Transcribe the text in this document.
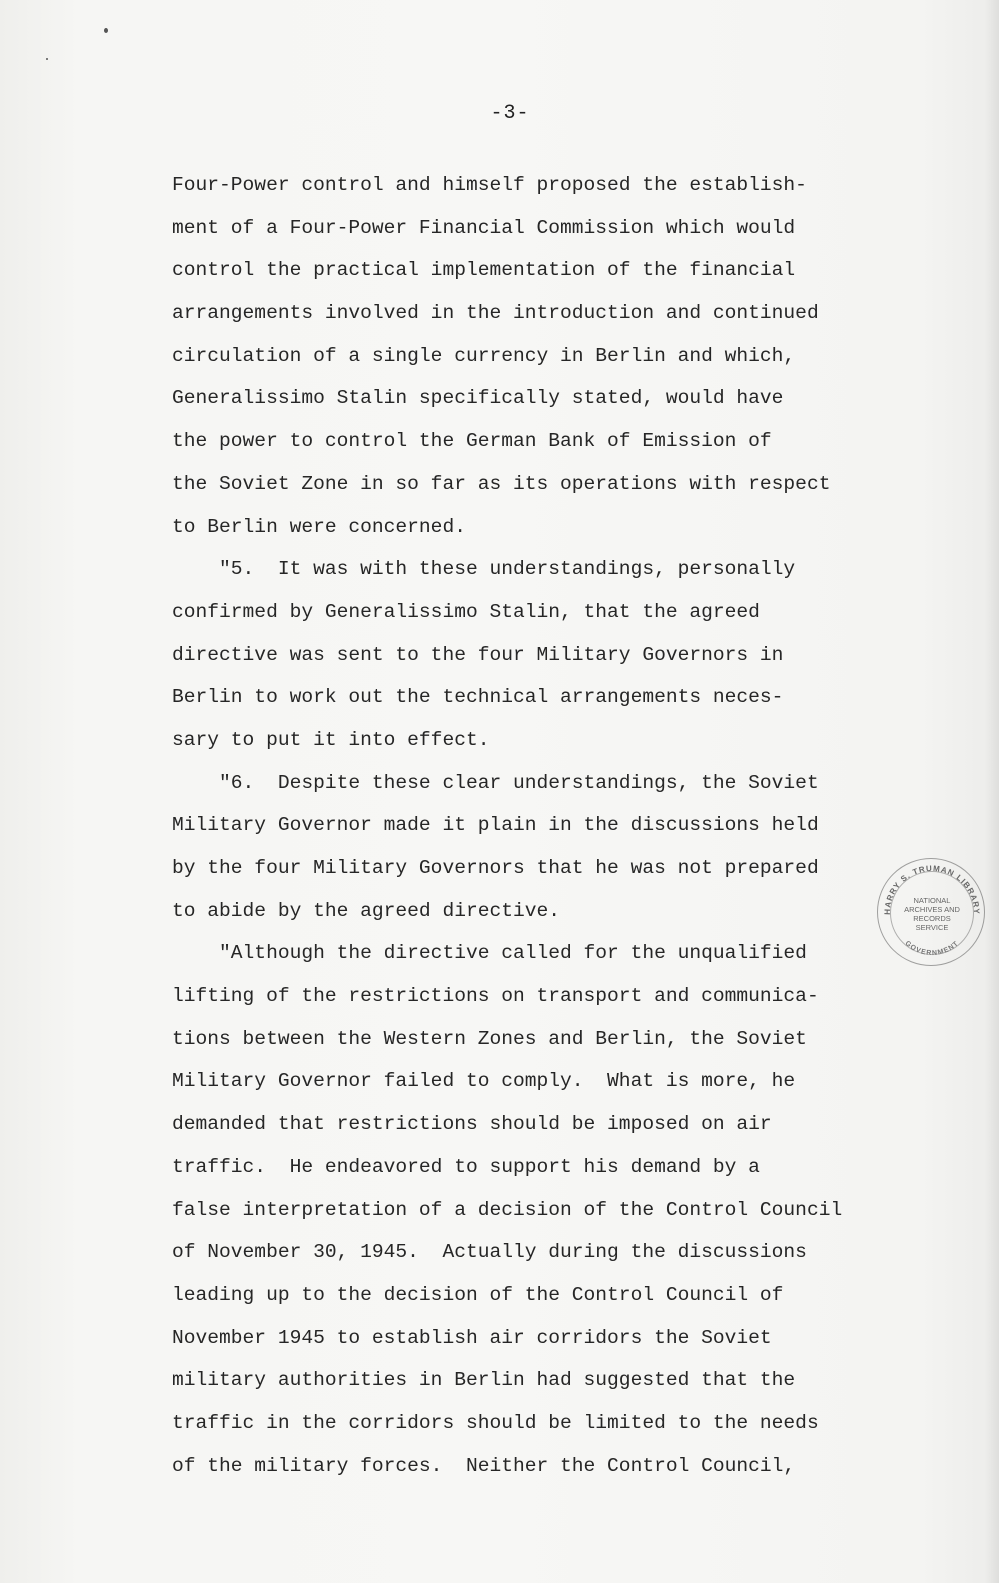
-3-
Four-Power control and himself proposed the establish-
ment of a Four-Power Financial Commission which would
control the practical implementation of the financial
arrangements involved in the introduction and continued
circulation of a single currency in Berlin and which,
Generalissimo Stalin specifically stated, would have
the power to control the German Bank of Emission of
the Soviet Zone in so far as its operations with respect
to Berlin were concerned.
"5.  It was with these understandings, personally
confirmed by Generalissimo Stalin, that the agreed
directive was sent to the four Military Governors in
Berlin to work out the technical arrangements neces-
sary to put it into effect.
"6.  Despite these clear understandings, the Soviet
Military Governor made it plain in the discussions held
by the four Military Governors that he was not prepared
to abide by the agreed directive.
"Although the directive called for the unqualified
lifting of the restrictions on transport and communica-
tions between the Western Zones and Berlin, the Soviet
Military Governor failed to comply.  What is more, he
demanded that restrictions should be imposed on air
traffic.  He endeavored to support his demand by a
false interpretation of a decision of the Control Council
of November 30, 1945.  Actually during the discussions
leading up to the decision of the Control Council of
November 1945 to establish air corridors the Soviet
military authorities in Berlin had suggested that the
traffic in the corridors should be limited to the needs
of the military forces.  Neither the Control Council,
HARRY S. TRUMAN LIBRARY
GOVERNMENT
NATIONAL
ARCHIVES AND
RECORDS
SERVICE
